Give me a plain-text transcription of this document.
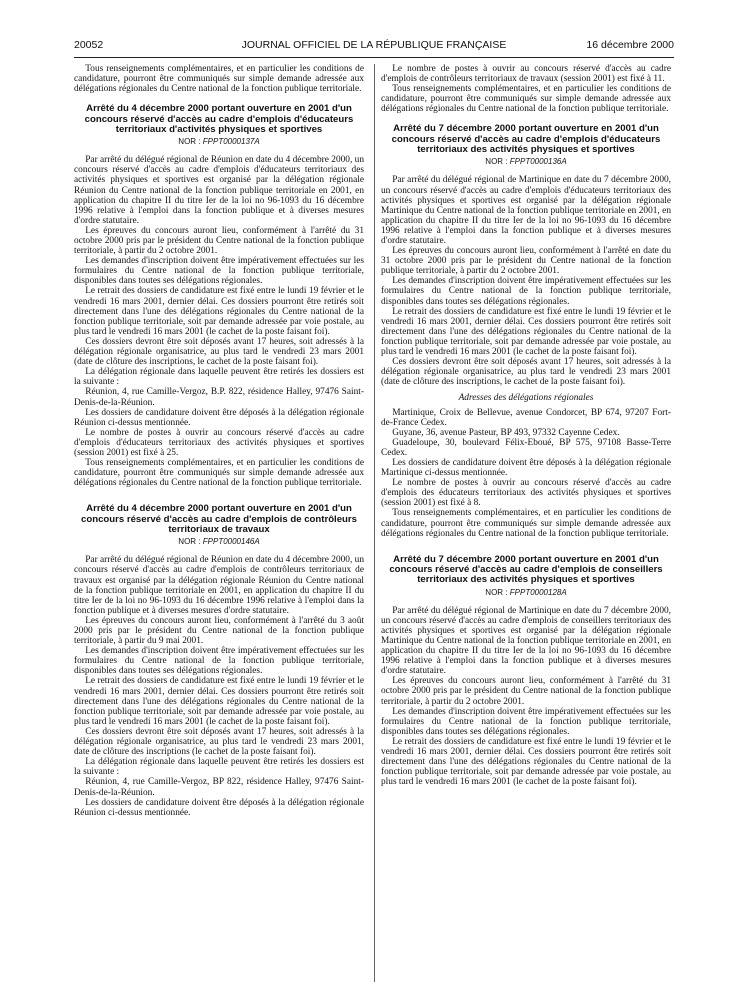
20052	JOURNAL OFFICIEL DE LA RÉPUBLIQUE FRANÇAISE	16 décembre 2000

Tous renseignements complémentaires, et en particulier les conditions de candidature, pourront être communiqués sur simple demande adressée aux délégations régionales du Centre national de la fonction publique territoriale.

Arrêté du 4 décembre 2000 portant ouverture en 2001 d'un concours réservé d'accès au cadre d'emplois d'éducateurs territoriaux d'activités physiques et sportives

NOR : FPPT0000137A

Par arrêté du délégué régional de Réunion en date du 4 décembre 2000, un concours réservé d'accès au cadre d'emplois d'éducateurs territoriaux des activités physiques et sportives est organisé par la délégation régionale Réunion du Centre national de la fonction publique territoriale en 2001, en application du chapitre II du titre Ier de la loi no 96-1093 du 16 décembre 1996 relative à l'emploi dans la fonction publique et à diverses mesures d'ordre statutaire.

Les épreuves du concours auront lieu, conformément à l'arrêté du 31 octobre 2000 pris par le président du Centre national de la fonction publique territoriale, à partir du 2 octobre 2001.

Les demandes d'inscription doivent être impérativement effectuées sur les formulaires du Centre national de la fonction publique territoriale, disponibles dans toutes ses délégations régionales.

Le retrait des dossiers de candidature est fixé entre le lundi 19 février et le vendredi 16 mars 2001, dernier délai. Ces dossiers pourront être retirés soit directement dans l'une des délégations régionales du Centre national de la fonction publique territoriale, soit par demande adressée par voie postale, au plus tard le vendredi 16 mars 2001 (le cachet de la poste faisant foi).

Ces dossiers devront être soit déposés avant 17 heures, soit adressés à la délégation régionale organisatrice, au plus tard le vendredi 23 mars 2001 (date de clôture des inscriptions, le cachet de la poste faisant foi).

La délégation régionale dans laquelle peuvent être retirés les dossiers est la suivante :

Réunion, 4, rue Camille-Vergoz, B.P. 822, résidence Halley, 97476 Saint-Denis-de-la-Réunion.

Les dossiers de candidature doivent être déposés à la délégation régionale Réunion ci-dessus mentionnée.

Le nombre de postes à ouvrir au concours réservé d'accès au cadre d'emplois d'éducateurs territoriaux des activités physiques et sportives (session 2001) est fixé à 25.

Tous renseignements complémentaires, et en particulier les conditions de candidature, pourront être communiqués sur simple demande adressée aux délégations régionales du Centre national de la fonction publique territoriale.

Arrêté du 4 décembre 2000 portant ouverture en 2001 d'un concours réservé d'accès au cadre d'emplois de contrôleurs territoriaux de travaux

NOR : FPPT0000146A

Par arrêté du délégué régional de Réunion en date du 4 décembre 2000, un concours réservé d'accès au cadre d'emplois de contrôleurs territoriaux de travaux est organisé par la délégation régionale Réunion du Centre national de la fonction publique territoriale en 2001, en application du chapitre II du titre Ier de la loi no 96-1093 du 16 décembre 1996 relative à l'emploi dans la fonction publique et à diverses mesures d'ordre statutaire.

Les épreuves du concours auront lieu, conformément à l'arrêté du 3 août 2000 pris par le président du Centre national de la fonction publique territoriale, à partir du 9 mai 2001.

Les demandes d'inscription doivent être impérativement effectuées sur les formulaires du Centre national de la fonction publique territoriale, disponibles dans toutes ses délégations régionales.

Le retrait des dossiers de candidature est fixé entre le lundi 19 février et le vendredi 16 mars 2001, dernier délai. Ces dossiers pourront être retirés soit directement dans l'une des délégations régionales du Centre national de la fonction publique territoriale, soit par demande adressée par voie postale, au plus tard le vendredi 16 mars 2001 (le cachet de la poste faisant foi).

Ces dossiers devront être soit déposés avant 17 heures, soit adressés à la délégation régionale organisatrice, au plus tard le vendredi 23 mars 2001, date de clôture des inscriptions (le cachet de la poste faisant foi).

La délégation régionale dans laquelle peuvent être retirés les dossiers est la suivante :

Réunion, 4, rue Camille-Vergoz, BP 822, résidence Halley, 97476 Saint-Denis-de-la-Réunion.

Les dossiers de candidature doivent être déposés à la délégation régionale Réunion ci-dessus mentionnée.

Le nombre de postes à ouvrir au concours réservé d'accès au cadre d'emplois de contrôleurs territoriaux de travaux (session 2001) est fixé à 11.

Tous renseignements complémentaires, et en particulier les conditions de candidature, pourront être communiqués sur simple demande adressée aux délégations régionales du Centre national de la fonction publique territoriale.

Arrêté du 7 décembre 2000 portant ouverture en 2001 d'un concours réservé d'accès au cadre d'emplois d'éducateurs territoriaux des activités physiques et sportives

NOR : FPPT0000136A

Par arrêté du délégué régional de Martinique en date du 7 décembre 2000, un concours réservé d'accès au cadre d'emplois d'éducateurs territoriaux des activités physiques et sportives est organisé par la délégation régionale Martinique du Centre national de la fonction publique territoriale en 2001, en application du chapitre II du titre Ier de la loi no 96-1093 du 16 décembre 1996 relative à l'emploi dans la fonction publique et à diverses mesures d'ordre statutaire.

Les épreuves du concours auront lieu, conformément à l'arrêté en date du 31 octobre 2000 pris par le président du Centre national de la fonction publique territoriale, à partir du 2 octobre 2001.

Les demandes d'inscription doivent être impérativement effectuées sur les formulaires du Centre national de la fonction publique territoriale, disponibles dans toutes ses délégations régionales.

Le retrait des dossiers de candidature est fixé entre le lundi 19 février et le vendredi 16 mars 2001, dernier délai. Ces dossiers pourront être retirés soit directement dans l'une des délégations régionales du Centre national de la fonction publique territoriale, soit par demande adressée par voie postale, au plus tard le vendredi 16 mars 2001 (le cachet de la poste faisant foi).

Ces dossiers devront être soit déposés avant 17 heures, soit adressés à la délégation régionale organisatrice, au plus tard le vendredi 23 mars 2001 (date de clôture des inscriptions, le cachet de la poste faisant foi).

Adresses des délégations régionales

Martinique, Croix de Bellevue, avenue Condorcet, BP 674, 97207 Fort-de-France Cedex.

Guyane, 36, avenue Pasteur, BP 493, 97332 Cayenne Cedex.

Guadeloupe, 30, boulevard Félix-Eboué, BP 575, 97108 Basse-Terre Cedex.

Les dossiers de candidature doivent être déposés à la délégation régionale Martinique ci-dessus mentionnée.

Le nombre de postes à ouvrir au concours réservé d'accès au cadre d'emplois des éducateurs territoriaux des activités physiques et sportives (session 2001) est fixé à 8.

Tous renseignements complémentaires, et en particulier les conditions de candidature, pourront être communiqués sur simple demande adressée aux délégations régionales du Centre national de la fonction publique territoriale.

Arrêté du 7 décembre 2000 portant ouverture en 2001 d'un concours réservé d'accès au cadre d'emplois de conseillers territoriaux des activités physiques et sportives

NOR : FPPT0000128A

Par arrêté du délégué régional de Martinique en date du 7 décembre 2000, un concours réservé d'accès au cadre d'emplois de conseillers territoriaux des activités physiques et sportives est organisé par la délégation régionale Martinique du Centre national de la fonction publique territoriale en 2001, en application du chapitre II du titre Ier de la loi no 96-1093 du 16 décembre 1996 relative à l'emploi dans la fonction publique et à diverses mesures d'ordre statutaire.

Les épreuves du concours auront lieu, conformément à l'arrêté du 31 octobre 2000 pris par le président du Centre national de la fonction publique territoriale, à partir du 2 octobre 2001.

Les demandes d'inscription doivent être impérativement effectuées sur les formulaires du Centre national de la fonction publique territoriale, disponibles dans toutes ses délégations régionales.

Le retrait des dossiers de candidature est fixé entre le lundi 19 février et le vendredi 16 mars 2001, dernier délai. Ces dossiers pourront être retirés soit directement dans l'une des délégations régionales du Centre national de la fonction publique territoriale, soit par demande adressée par voie postale, au plus tard le vendredi 16 mars 2001 (le cachet de la poste faisant foi).
